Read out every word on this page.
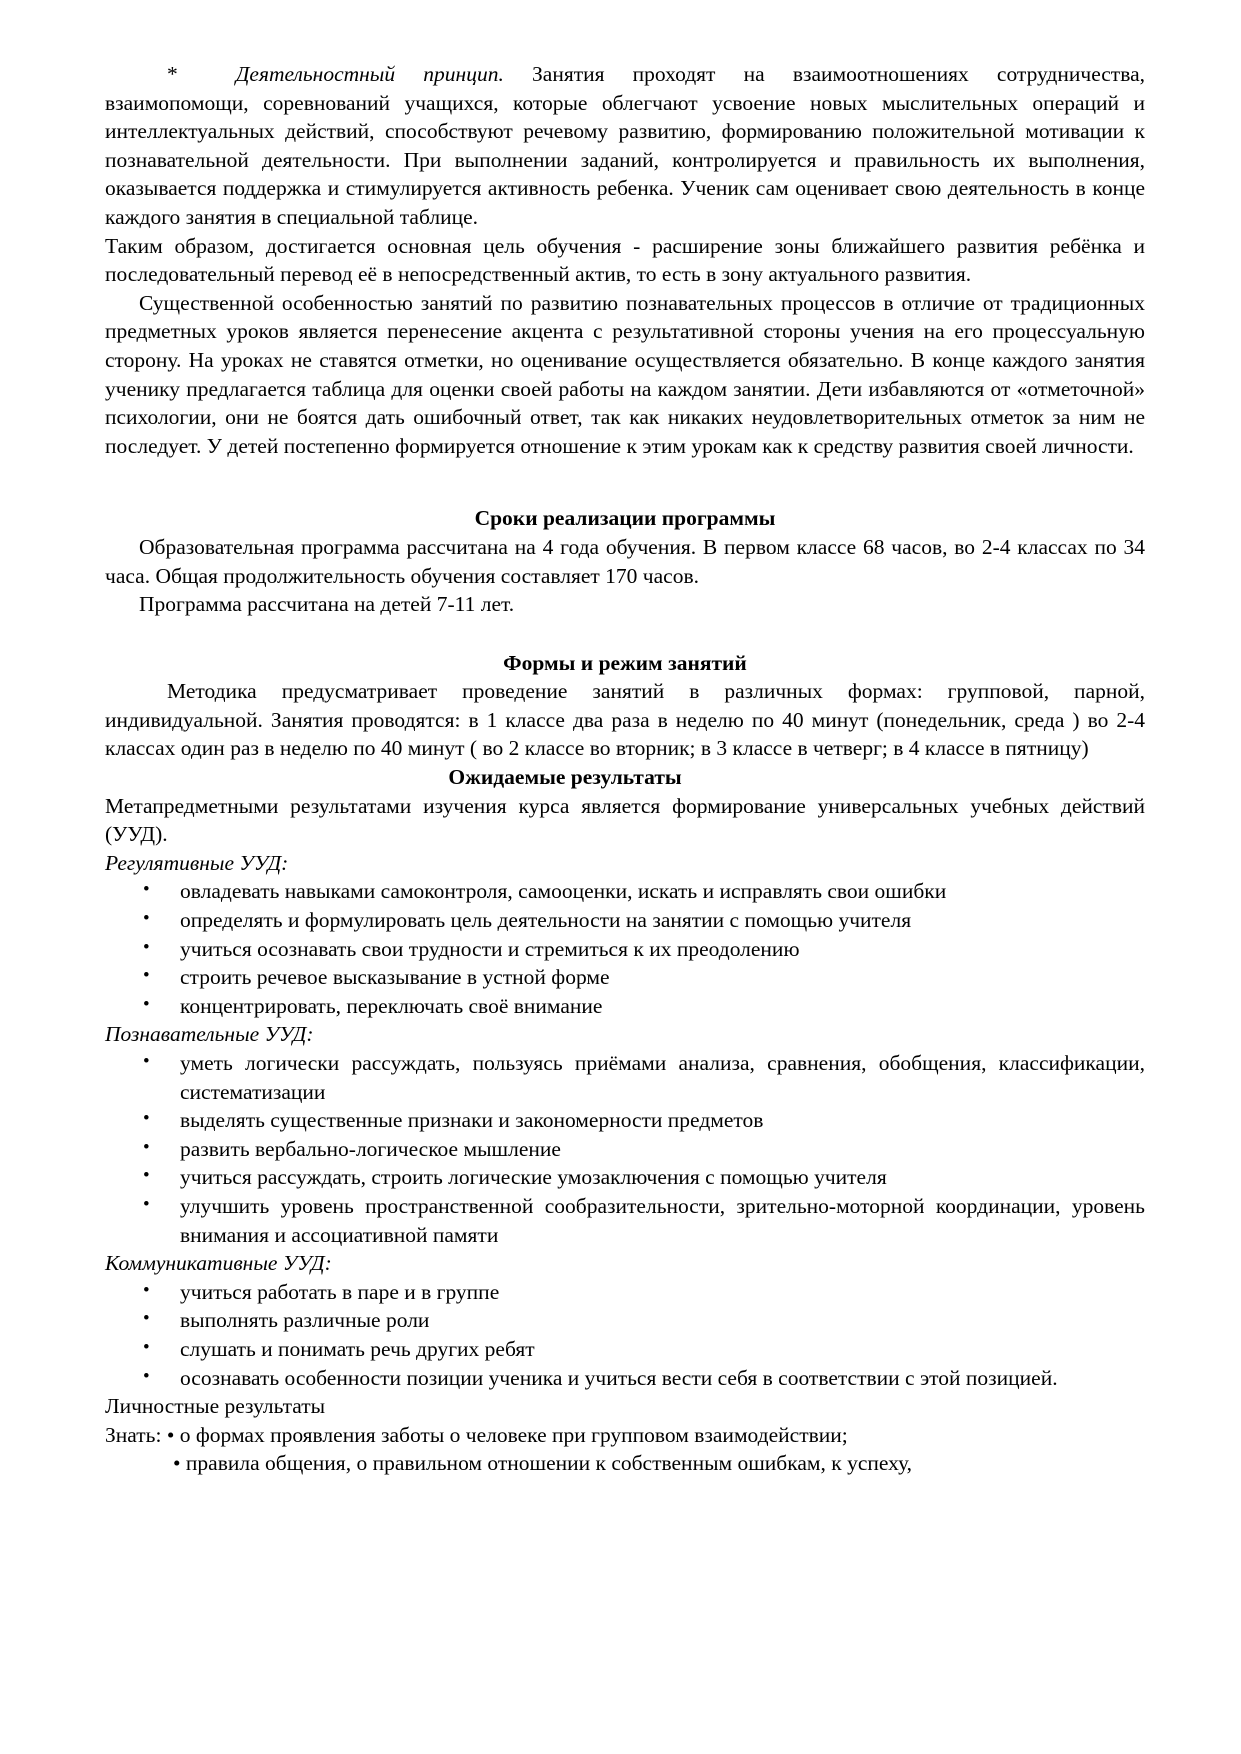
*	Деятельностный принцип. Занятия проходят на взаимоотношениях сотрудничества, взаимопомощи, соревнований учащихся, которые облегчают усвоение новых мыслительных операций и интеллектуальных действий, способствуют речевому развитию, формированию положительной мотивации к познавательной деятельности. При выполнении заданий, контролируется и правильность их выполнения, оказывается поддержка и стимулируется активность ребенка. Ученик сам оценивает свою деятельность в конце каждого занятия в специальной таблице.

Таким образом, достигается основная цель обучения - расширение зоны ближайшего развития ребёнка и последовательный перевод её в непосредственный актив, то есть в зону актуального развития.

Существенной особенностью занятий по развитию познавательных процессов в отличие от традиционных предметных уроков является перенесение акцента с результативной стороны учения на его процессуальную сторону. На уроках не ставятся отметки, но оценивание осуществляется обязательно. В конце каждого занятия ученику предлагается таблица для оценки своей работы на каждом занятии. Дети избавляются от «отметочной» психологии, они не боятся дать ошибочный ответ, так как никаких неудовлетворительных отметок за ним не последует. У детей постепенно формируется отношение к этим урокам как к средству развития своей личности.

Сроки реализации программы

Образовательная программа рассчитана на 4 года обучения. В первом классе 68 часов, во 2-4 классах по 34 часа. Общая продолжительность обучения составляет 170 часов.

Программа рассчитана на детей 7-11 лет.

Формы и режим занятий

Методика предусматривает проведение занятий в различных формах: групповой, парной, индивидуальной. Занятия проводятся: в 1 классе два раза в неделю по 40 минут (понедельник, среда ) во 2-4 классах один раз в неделю по 40 минут ( во 2 классе во вторник; в 3 классе в четверг; в 4 классе в пятницу)

Ожидаемые результаты

Метапредметными результатами изучения курса является формирование универсальных учебных действий (УУД).

Регулятивные УУД:

•	овладевать навыками самоконтроля, самооценки, искать и исправлять свои ошибки
•	определять и формулировать цель деятельности на занятии с помощью учителя
•	учиться осознавать свои трудности и стремиться к их преодолению
•	строить речевое высказывание в устной форме
•	концентрировать, переключать своё внимание

Познавательные УУД:

•	уметь логически рассуждать, пользуясь приёмами анализа, сравнения, обобщения, классификации, систематизации
•	выделять существенные признаки и закономерности предметов
•	развить вербально-логическое мышление
•	учиться рассуждать, строить логические умозаключения с помощью учителя
•	улучшить уровень пространственной сообразительности, зрительно-моторной координации, уровень внимания и ассоциативной памяти

Коммуникативные УУД:

•	учиться работать в паре и в группе
•	выполнять различные роли
•	слушать и понимать речь других ребят
•	осознавать особенности позиции ученика и учиться вести себя в соответствии с этой позицией.

Личностные результаты

Знать: • о формах проявления заботы о человеке при групповом взаимодействии;

• правила общения, о правильном отношении к собственным ошибкам, к успеху,
